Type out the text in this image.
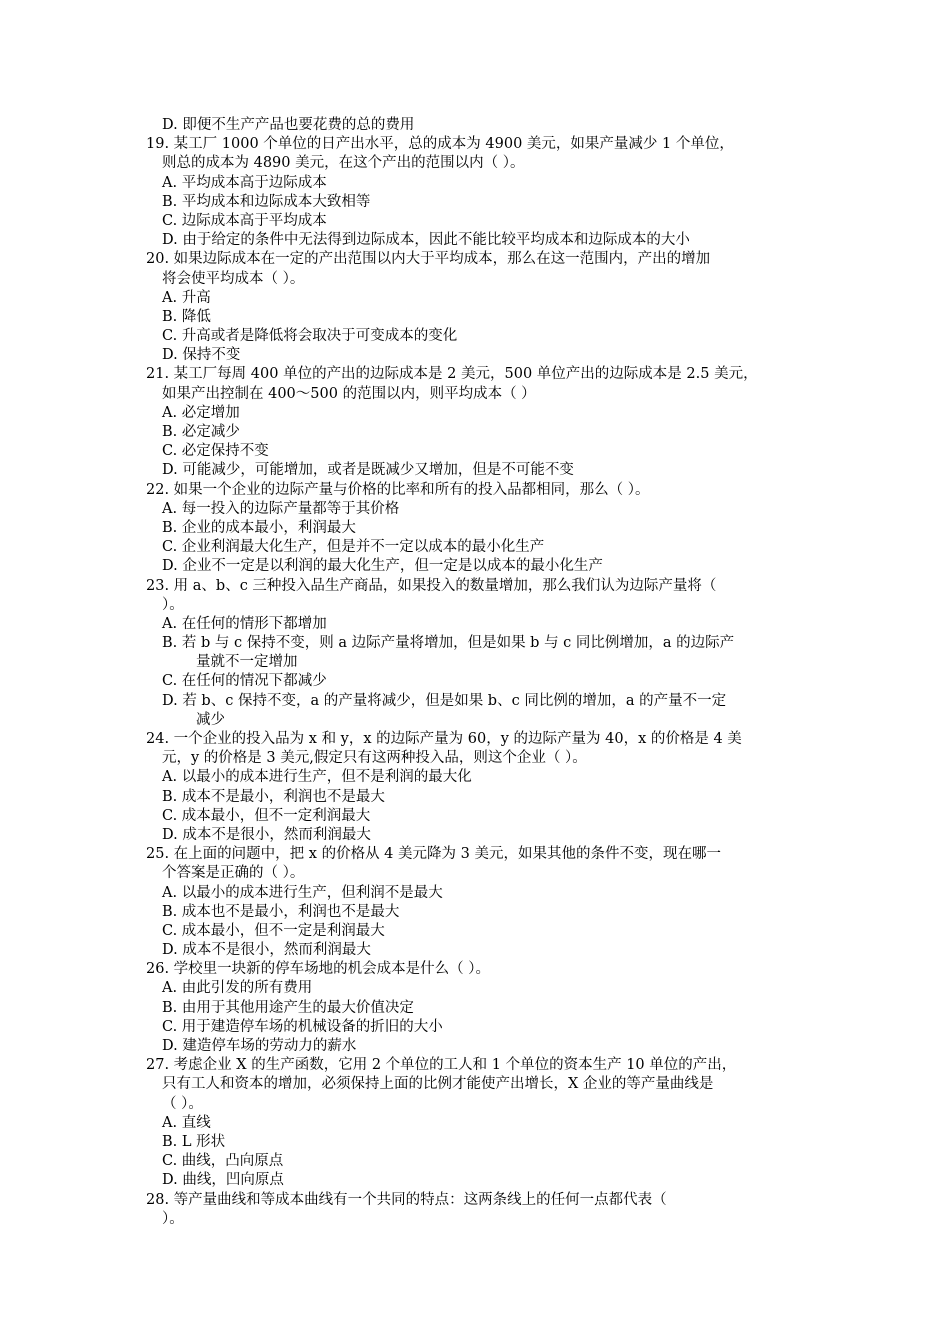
D. 即便不生产产品也要花费的总的费用
19. 某工厂 1000 个单位的日产出水平，总的成本为 4900 美元，如果产量减少 1 个单位，
则总的成本为 4890 美元，在这个产出的范围以内（ ）。
A. 平均成本高于边际成本
B. 平均成本和边际成本大致相等
C. 边际成本高于平均成本
D. 由于给定的条件中无法得到边际成本，因此不能比较平均成本和边际成本的大小
20. 如果边际成本在一定的产出范围以内大于平均成本，那么在这一范围内，产出的增加
将会使平均成本（ ）。
A. 升高
B. 降低
C. 升高或者是降低将会取决于可变成本的变化
D. 保持不变
21. 某工厂每周 400 单位的产出的边际成本是 2 美元，500 单位产出的边际成本是 2.5 美元，
如果产出控制在 400～500 的范围以内，则平均成本（ ）
A. 必定增加
B. 必定减少
C. 必定保持不变
D. 可能减少，可能增加，或者是既减少又增加，但是不可能不变
22. 如果一个企业的边际产量与价格的比率和所有的投入品都相同，那么（ ）。
A. 每一投入的边际产量都等于其价格
B. 企业的成本最小，利润最大
C. 企业利润最大化生产，但是并不一定以成本的最小化生产
D. 企业不一定是以利润的最大化生产，但一定是以成本的最小化生产
23. 用 a、b、c 三种投入品生产商品，如果投入的数量增加，那么我们认为边际产量将（
）。
A. 在任何的情形下都增加
B. 若 b 与 c 保持不变，则 a 边际产量将增加，但是如果 b 与 c 同比例增加，a 的边际产
量就不一定增加
C. 在任何的情况下都减少
D. 若 b、c 保持不变，a 的产量将减少，但是如果 b、c 同比例的增加，a 的产量不一定
减少
24. 一个企业的投入品为 x 和 y，x 的边际产量为 60，y 的边际产量为 40，x 的价格是 4 美
元，y 的价格是 3 美元,假定只有这两种投入品，则这个企业（ ）。
A. 以最小的成本进行生产，但不是利润的最大化
B. 成本不是最小，利润也不是最大
C. 成本最小，但不一定利润最大
D. 成本不是很小，然而利润最大
25. 在上面的问题中，把 x 的价格从 4 美元降为 3 美元，如果其他的条件不变，现在哪一
个答案是正确的（ ）。
A. 以最小的成本进行生产，但利润不是最大
B. 成本也不是最小，利润也不是最大
C. 成本最小，但不一定是利润最大
D. 成本不是很小，然而利润最大
26. 学校里一块新的停车场地的机会成本是什么（ ）。
A. 由此引发的所有费用
B. 由用于其他用途产生的最大价值决定
C. 用于建造停车场的机械设备的折旧的大小
D. 建造停车场的劳动力的薪水
27. 考虑企业 X 的生产函数，它用 2 个单位的工人和 1 个单位的资本生产 10 单位的产出，
只有工人和资本的增加，必须保持上面的比例才能使产出增长，X 企业的等产量曲线是
（ ）。
A. 直线
B. L 形状
C. 曲线，凸向原点
D. 曲线，凹向原点
28. 等产量曲线和等成本曲线有一个共同的特点：这两条线上的任何一点都代表（
）。
